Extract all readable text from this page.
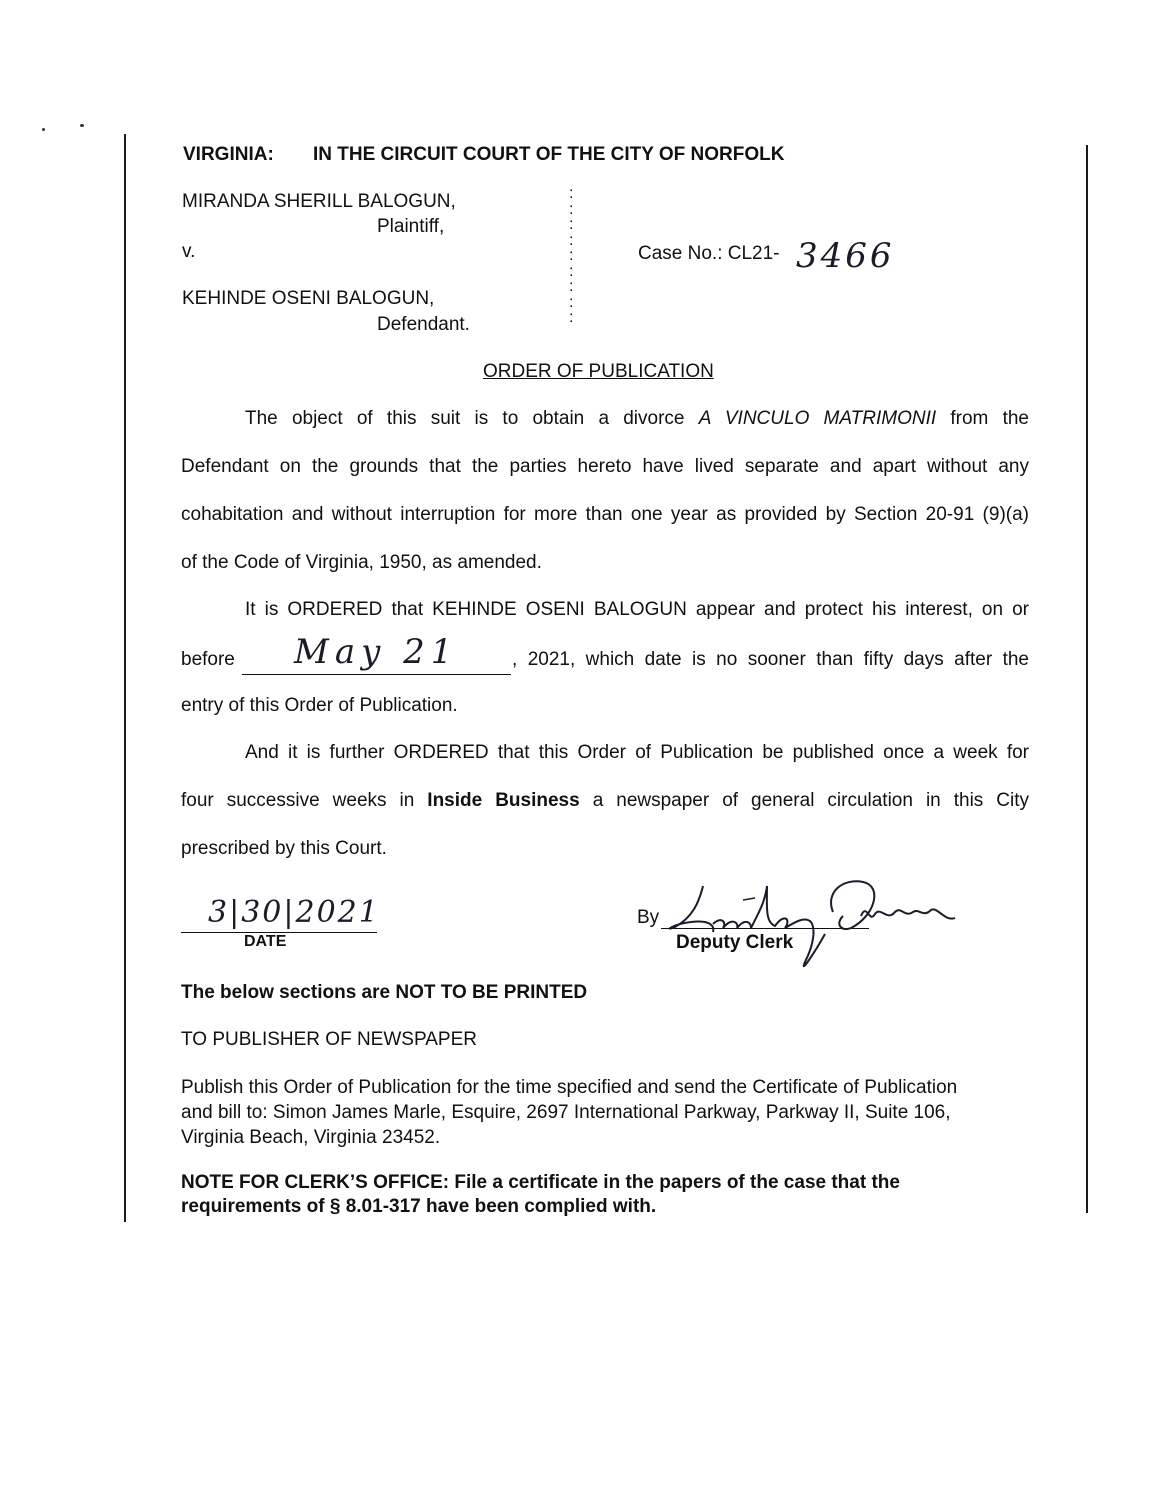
VIRGINIA: IN THE CIRCUIT COURT OF THE CITY OF NORFOLK
MIRANDA SHERILL BALOGUN,
Plaintiff,
v.
KEHINDE OSENI BALOGUN,
Defendant.
:
:
:
:
:
:
:
:
:
Case No.: CL21- 3466
ORDER OF PUBLICATION
The object of this suit is to obtain a divorce A VINCULO MATRIMONII from the
Defendant on the grounds that the parties hereto have lived separate and apart without any
cohabitation and without interruption for more than one year as provided by Section 20-91 (9)(a)
of the Code of Virginia, 1950, as amended.
It is ORDERED that KEHINDE OSENI BALOGUN appear and protect his interest, on or
before May 21	, 2021, which date is no sooner than fifty days after the
entry of this Order of Publication.
And it is further ORDERED that this Order of Publication be published once a week for
four successive weeks in Inside Business a newspaper of general circulation in this City
prescribed by this Court.
3|30|2021
DATE
By
Deputy Clerk
The below sections are NOT TO BE PRINTED
TO PUBLISHER OF NEWSPAPER
Publish this Order of Publication for the time specified and send the Certificate of Publication
and bill to: Simon James Marle, Esquire, 2697 International Parkway, Parkway II, Suite 106,
Virginia Beach, Virginia 23452.
NOTE FOR CLERK’S OFFICE: File a certificate in the papers of the case that the
requirements of § 8.01-317 have been complied with.
